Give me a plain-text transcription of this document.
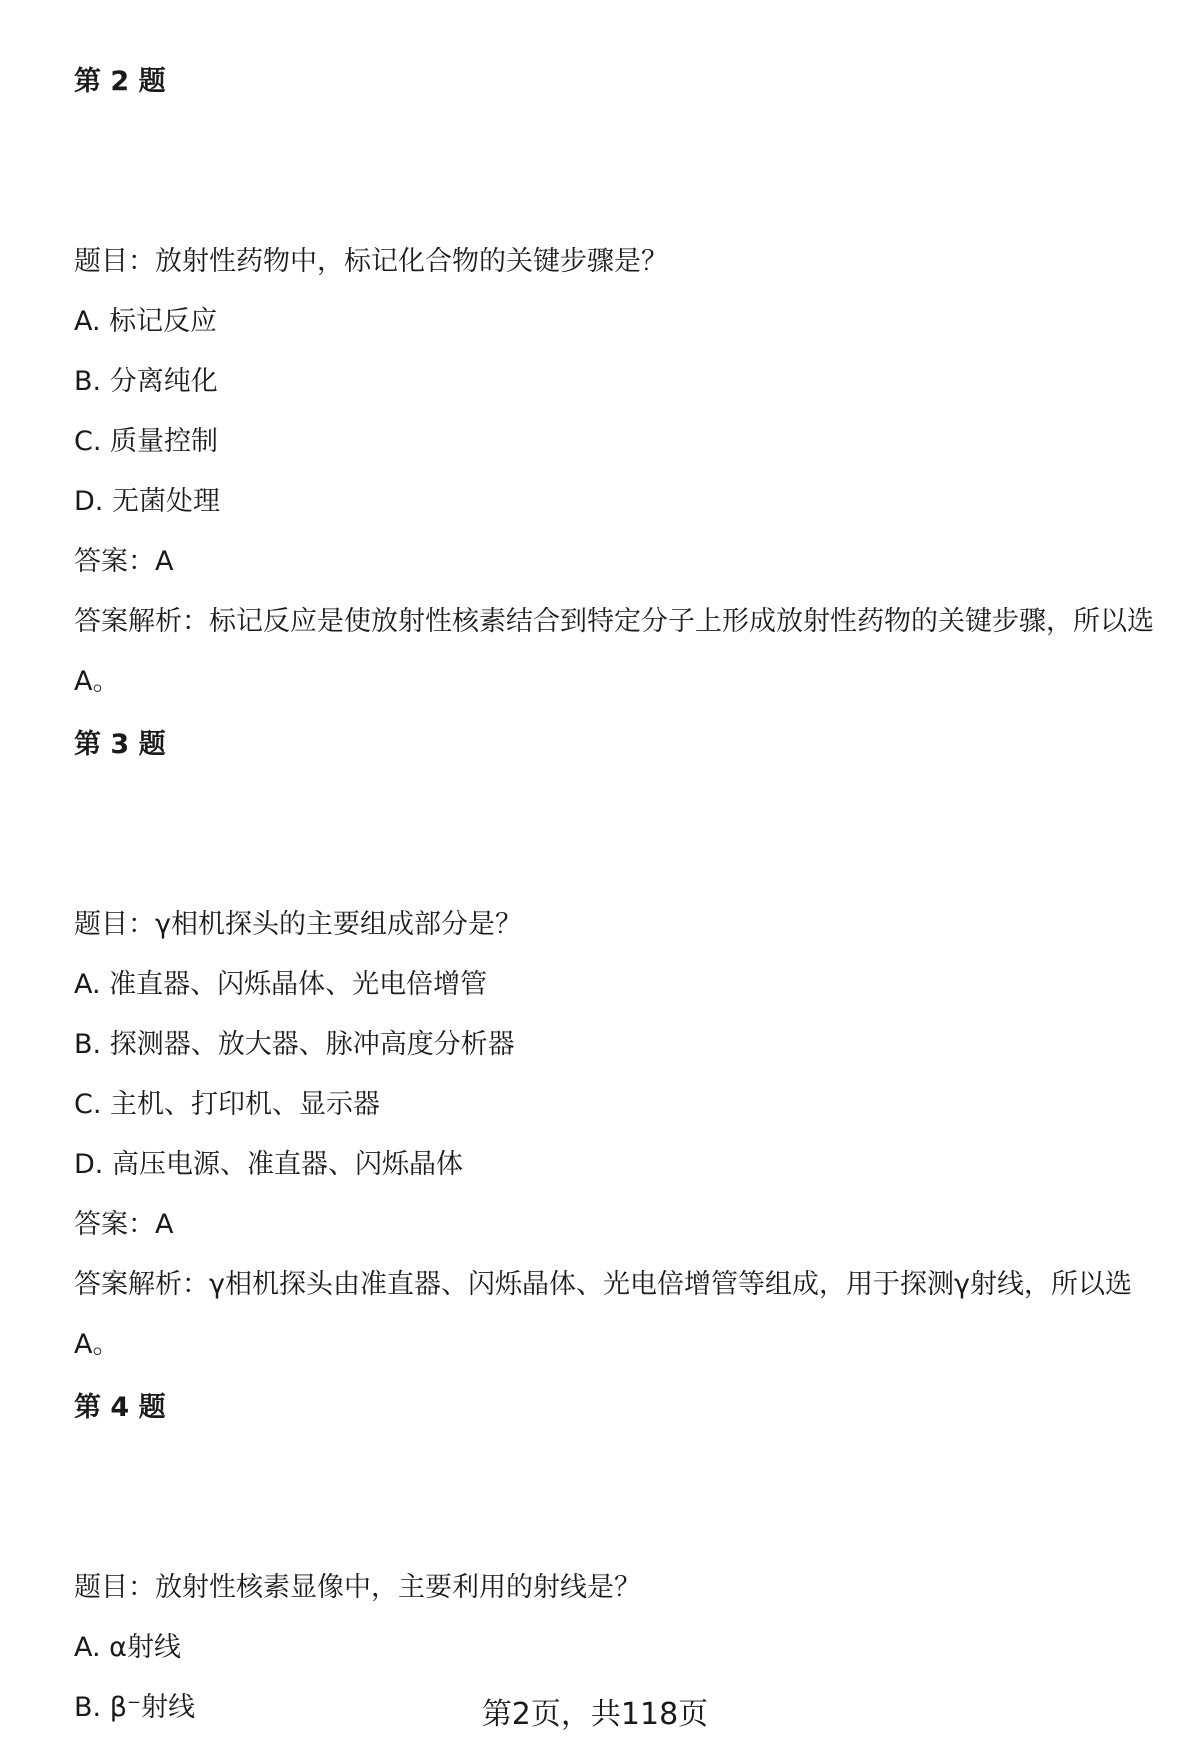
第 2 题

题目：放射性药物中，标记化合物的关键步骤是？

A. 标记反应

B. 分离纯化

C. 质量控制

D. 无菌处理

答案：A

答案解析：标记反应是使放射性核素结合到特定分子上形成放射性药物的关键步骤，所以选A。

第 3 题

题目：γ相机探头的主要组成部分是？

A. 准直器、闪烁晶体、光电倍增管

B. 探测器、放大器、脉冲高度分析器

C. 主机、打印机、显示器

D. 高压电源、准直器、闪烁晶体

答案：A

答案解析：γ相机探头由准直器、闪烁晶体、光电倍增管等组成，用于探测γ射线，所以选A。

第 4 题

题目：放射性核素显像中，主要利用的射线是？

A. α射线

B. β⁻射线	第2页，共118页
